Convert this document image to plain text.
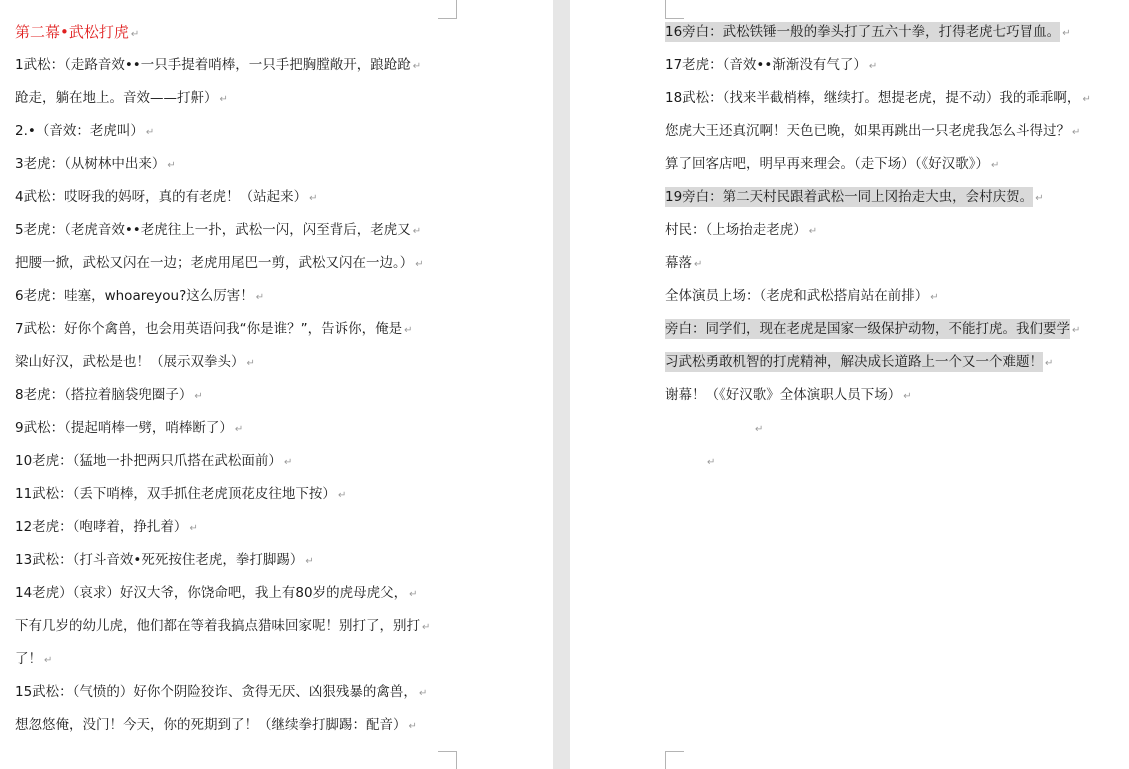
第二幕•武松打虎 ↵
1武松：（走路音效••一只手提着哨棒，一只手把胸膛敞开，踉跄跄 ↵
跄走，躺在地上。音效——打鼾） ↵
2.•（音效：老虎叫） ↵
3老虎：（从树林中出来） ↵
4武松：哎呀我的妈呀，真的有老虎！（站起来） ↵
5老虎：（老虎音效••老虎往上一扑，武松一闪，闪至背后，老虎又 ↵
把腰一掀，武松又闪在一边；老虎用尾巴一剪，武松又闪在一边。） ↵
6老虎：哇塞，whoareyou?这么厉害！ ↵
7武松：好你个禽兽，也会用英语问我“你是谁？”，告诉你，俺是 ↵
梁山好汉，武松是也！（展示双拳头） ↵
8老虎：（搭拉着脑袋兜圈子） ↵
9武松：（提起哨棒一劈，哨棒断了） ↵
10老虎：（猛地一扑把两只爪搭在武松面前） ↵
11武松：（丢下哨棒，双手抓住老虎顶花皮往地下按） ↵
12老虎：（咆哮着，挣扎着） ↵
13武松：（打斗音效•死死按住老虎，拳打脚踢） ↵
14老虎）（哀求）好汉大爷，你饶命吧，我上有80岁的虎母虎父， ↵
下有几岁的幼儿虎，他们都在等着我搞点猎味回家呢！别打了，别打 ↵
了！ ↵
15武松：（气愤的）好你个阴险狡诈、贪得无厌、凶狠残暴的禽兽， ↵
想忽悠俺，没门！今天，你的死期到了！（继续拳打脚踢：配音） ↵
16旁白：武松铁锤一般的拳头打了五六十拳，打得老虎七巧冒血。 ↵
17老虎：（音效••渐渐没有气了） ↵
18武松：（找来半截梢棒，继续打。想提老虎，提不动）我的乖乖啊， ↵
您虎大王还真沉啊！天色已晚，如果再跳出一只老虎我怎么斗得过？ ↵
算了回客店吧，明早再来理会。（走下场）（《好汉歌》） ↵
19旁白：第二天村民跟着武松一同上冈抬走大虫，会村庆贺。 ↵
村民：（上场抬走老虎） ↵
幕落 ↵
全体演员上场：（老虎和武松搭肩站在前排） ↵
旁白：同学们，现在老虎是国家一级保护动物，不能打虎。我们要学 ↵
习武松勇敢机智的打虎精神，解决成长道路上一个又一个难题！ ↵
谢幕！（《好汉歌》全体演职人员下场） ↵
↵
↵
